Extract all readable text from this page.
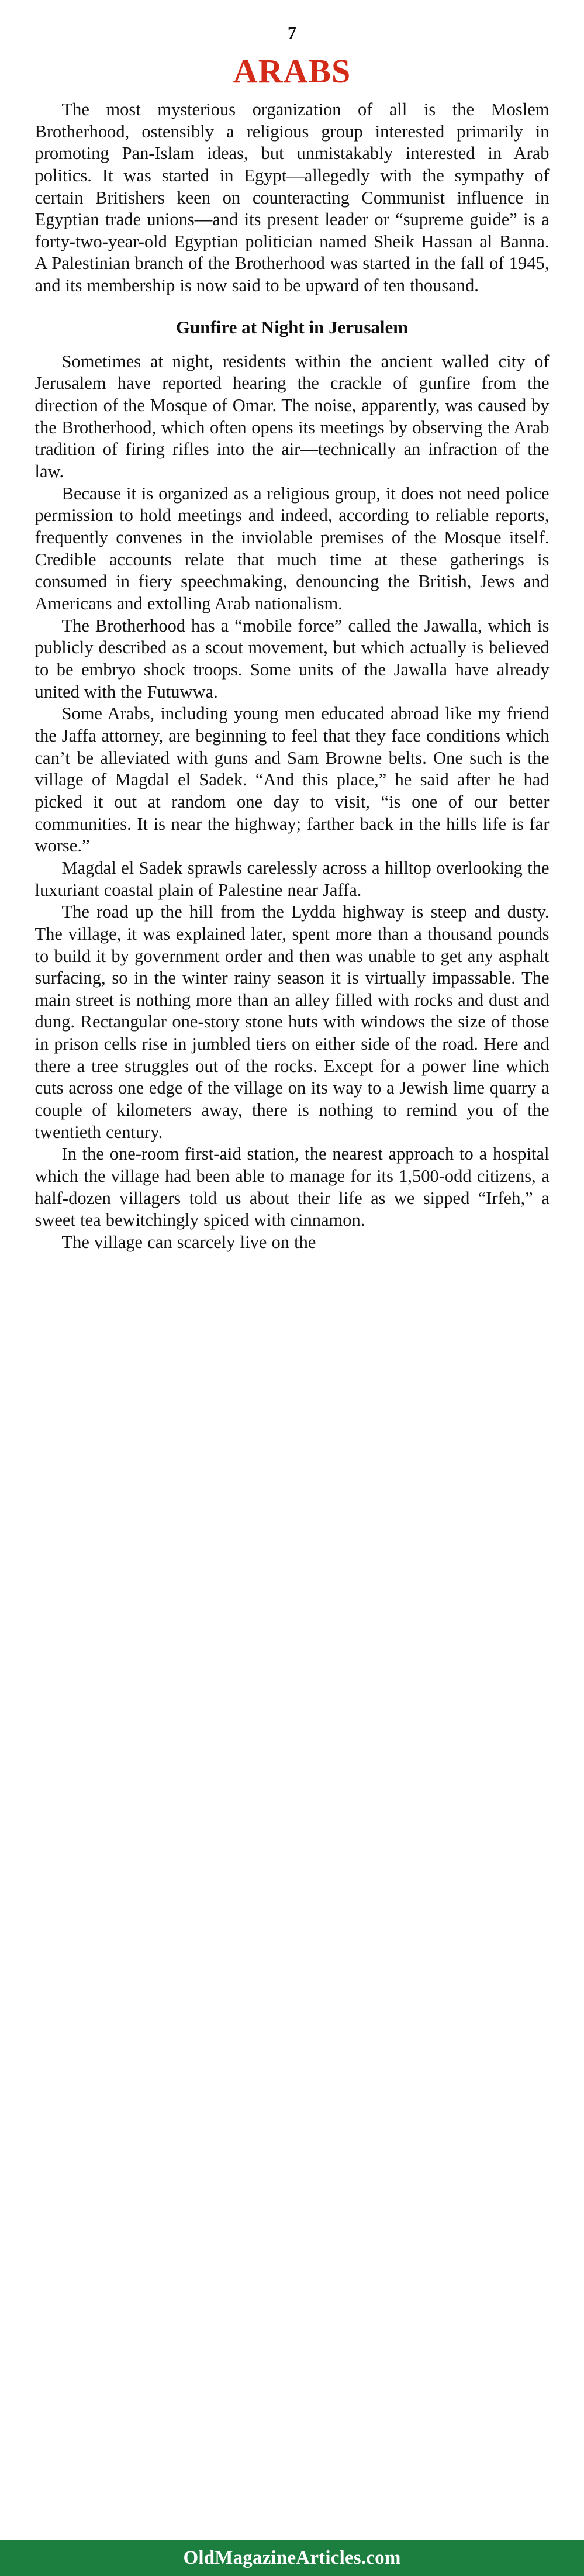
7
ARABS

The most mysterious organization of all is the Moslem Brotherhood, ostensibly a religious group interested primarily in promoting Pan-Islam ideas, but unmistakably interested in Arab politics. It was started in Egypt—allegedly with the sympathy of certain Britishers keen on counteracting Communist influence in Egyptian trade unions—and its present leader or “supreme guide” is a forty-two-year-old Egyptian politician named Sheik Hassan al Banna. A Palestinian branch of the Brotherhood was started in the fall of 1945, and its membership is now said to be upward of ten thousand.

Gunfire at Night in Jerusalem

Sometimes at night, residents within the ancient walled city of Jerusalem have reported hearing the crackle of gunfire from the direction of the Mosque of Omar. The noise, apparently, was caused by the Brotherhood, which often opens its meetings by observing the Arab tradition of firing rifles into the air—technically an infraction of the law.

Because it is organized as a religious group, it does not need police permission to hold meetings and indeed, according to reliable reports, frequently convenes in the inviolable premises of the Mosque itself. Credible accounts relate that much time at these gatherings is consumed in fiery speechmaking, denouncing the British, Jews and Americans and extolling Arab nationalism.

The Brotherhood has a “mobile force” called the Jawalla, which is publicly described as a scout movement, but which actually is believed to be embryo shock troops. Some units of the Jawalla have already united with the Futuwwa.

Some Arabs, including young men educated abroad like my friend the Jaffa attorney, are beginning to feel that they face conditions which can’t be alleviated with guns and Sam Browne belts. One such is the village of Magdal el Sadek. “And this place,” he said after he had picked it out at random one day to visit, “is one of our better communities. It is near the highway; farther back in the hills life is far worse.”

Magdal el Sadek sprawls carelessly across a hilltop overlooking the luxuriant coastal plain of Palestine near Jaffa.

The road up the hill from the Lydda highway is steep and dusty. The village, it was explained later, spent more than a thousand pounds to build it by government order and then was unable to get any asphalt surfacing, so in the winter rainy season it is virtually impassable. The main street is nothing more than an alley filled with rocks and dust and dung. Rectangular one-story stone huts with windows the size of those in prison cells rise in jumbled tiers on either side of the road. Here and there a tree struggles out of the rocks. Except for a power line which cuts across one edge of the village on its way to a Jewish lime quarry a couple of kilometers away, there is nothing to remind you of the twentieth century.

In the one-room first-aid station, the nearest approach to a hospital which the village had been able to manage for its 1,500-odd citizens, a half-dozen villagers told us about their life as we sipped “Irfeh,” a sweet tea bewitchingly spiced with cinnamon.

The village can scarcely live on the

OldMagazineArticles.com
